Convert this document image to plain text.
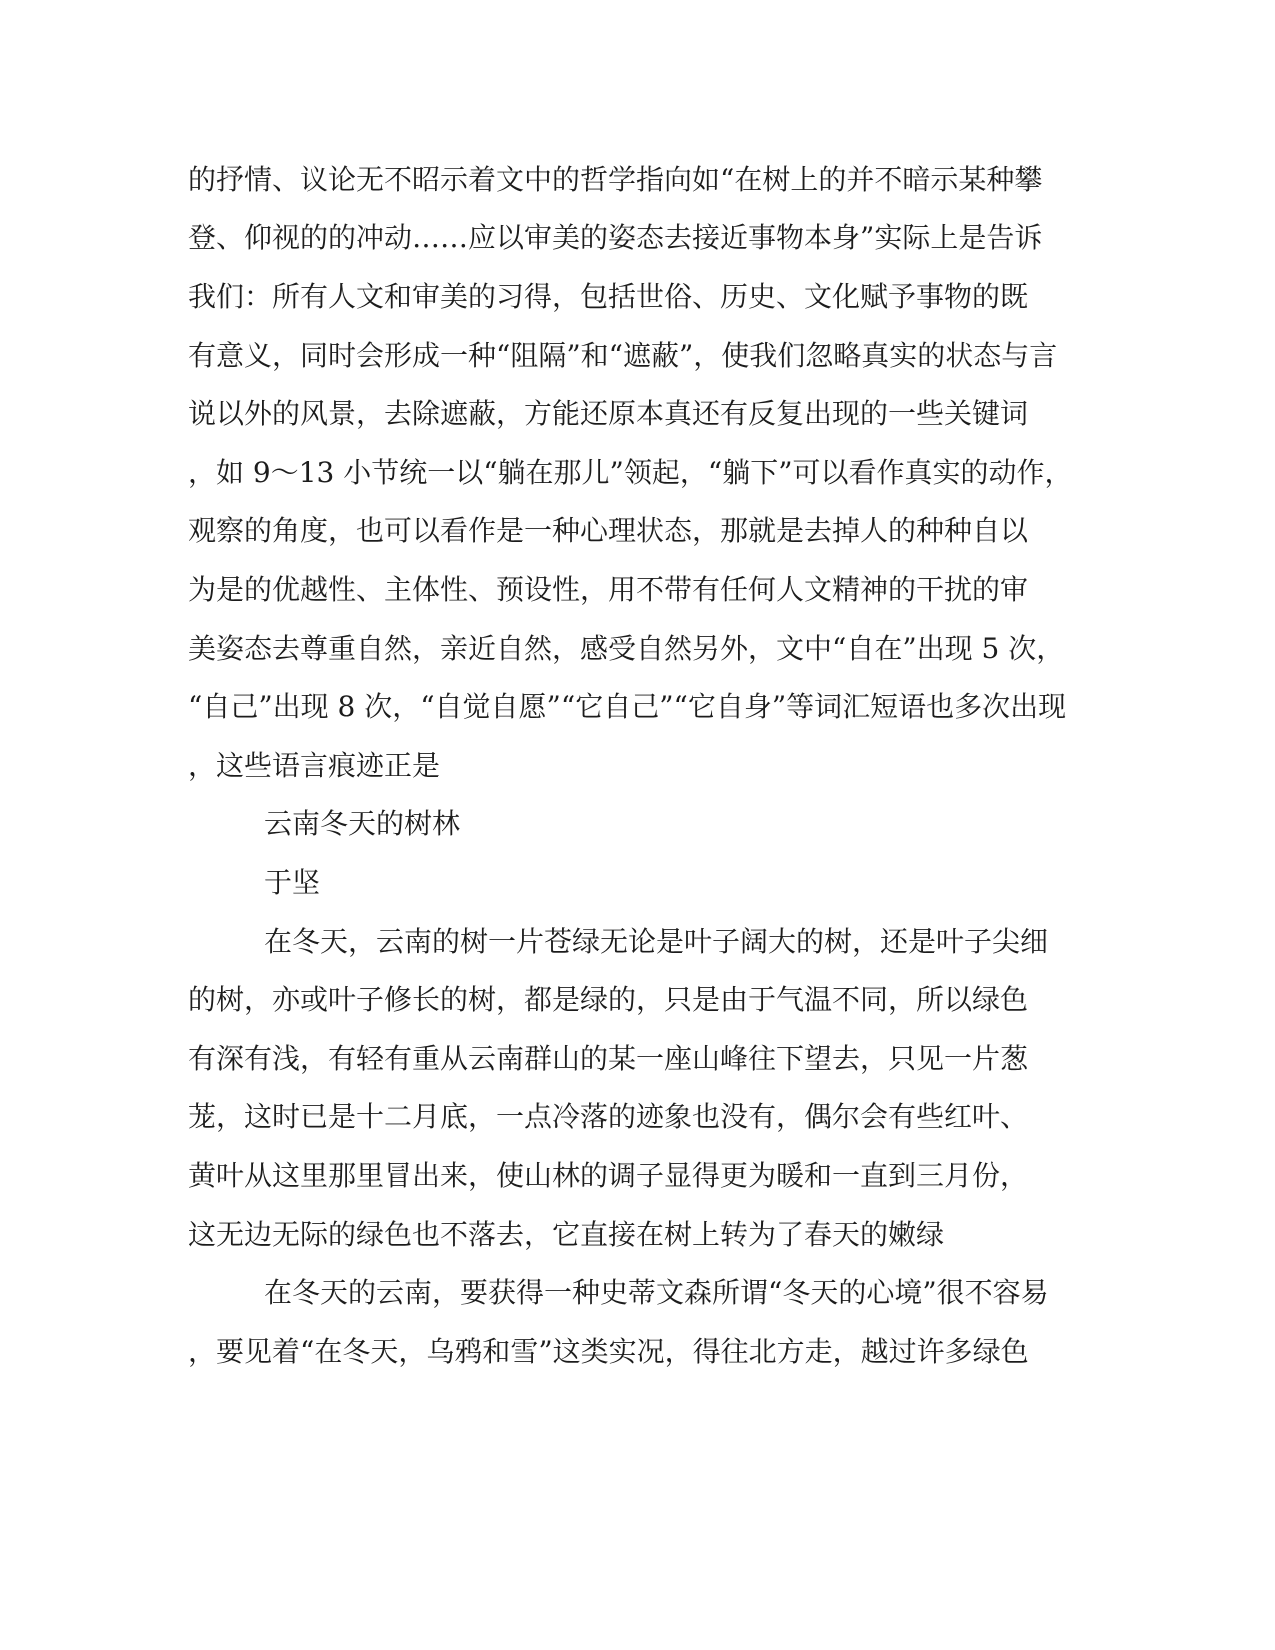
的抒情、议论无不昭示着文中的哲学指向如“在树上的并不暗示某种攀
登、仰视的的冲动……应以审美的姿态去接近事物本身”实际上是告诉
我们：所有人文和审美的习得，包括世俗、历史、文化赋予事物的既
有意义，同时会形成一种“阻隔”和“遮蔽”，使我们忽略真实的状态与言
说以外的风景，去除遮蔽，方能还原本真还有反复出现的一些关键词
，如 9～13 小节统一以“躺在那儿”领起，“躺下”可以看作真实的动作，
观察的角度，也可以看作是一种心理状态，那就是去掉人的种种自以
为是的优越性、主体性、预设性，用不带有任何人文精神的干扰的审
美姿态去尊重自然，亲近自然，感受自然另外，文中“自在”出现 5 次，
“自己”出现 8 次，“自觉自愿”“它自己”“它自身”等词汇短语也多次出现
，这些语言痕迹正是
云南冬天的树林
于坚
在冬天，云南的树一片苍绿无论是叶子阔大的树，还是叶子尖细
的树，亦或叶子修长的树，都是绿的，只是由于气温不同，所以绿色
有深有浅，有轻有重从云南群山的某一座山峰往下望去，只见一片葱
茏，这时已是十二月底，一点冷落的迹象也没有，偶尔会有些红叶、
黄叶从这里那里冒出来，使山林的调子显得更为暖和一直到三月份，
这无边无际的绿色也不落去，它直接在树上转为了春天的嫩绿
在冬天的云南，要获得一种史蒂文森所谓“冬天的心境”很不容易
，要见着“在冬天，乌鸦和雪”这类实况，得往北方走，越过许多绿色
